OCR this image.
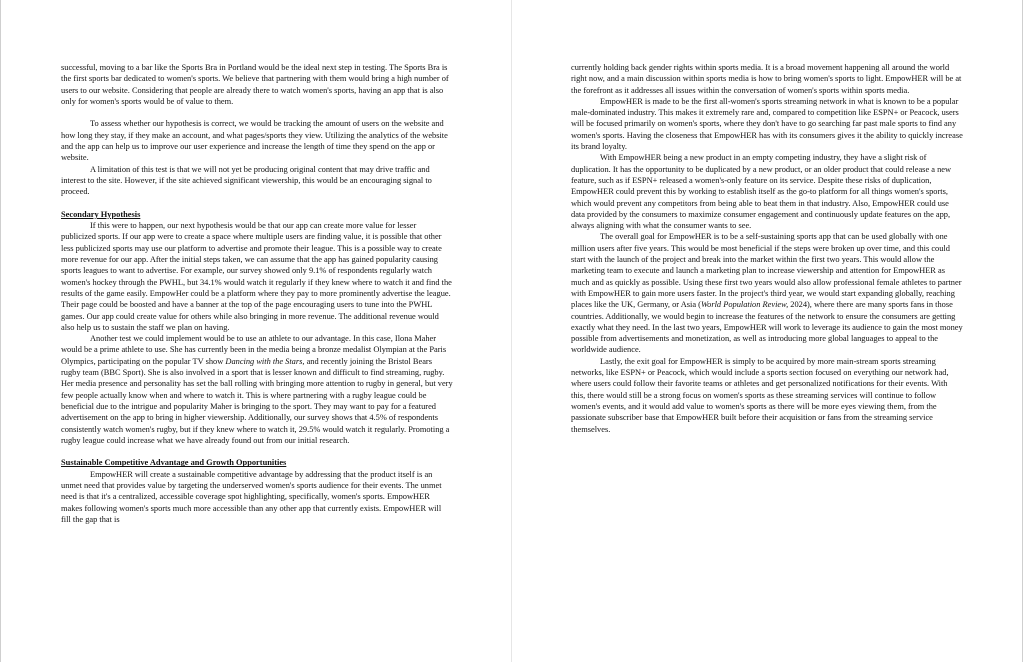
successful, moving to a bar like the Sports Bra in Portland would be the ideal next step in testing. The Sports Bra is the first sports bar dedicated to women's sports. We believe that partnering with them would bring a high number of users to our website. Considering that people are already there to watch women's sports, having an app that is also only for women's sports would be of value to them.

To assess whether our hypothesis is correct, we would be tracking the amount of users on the website and how long they stay, if they make an account, and what pages/sports they view. Utilizing the analytics of the website and the app can help us to improve our user experience and increase the length of time they spend on the app or website.

A limitation of this test is that we will not yet be producing original content that may drive traffic and interest to the site. However, if the site achieved significant viewership, this would be an encouraging signal to proceed.

Secondary Hypothesis

If this were to happen, our next hypothesis would be that our app can create more value for lesser publicized sports. If our app were to create a space where multiple users are finding value, it is possible that other less publicized sports may use our platform to advertise and promote their league. This is a possible way to create more revenue for our app. After the initial steps taken, we can assume that the app has gained popularity causing sports leagues to want to advertise. For example, our survey showed only 9.1% of respondents regularly watch women's hockey through the PWHL, but 34.1% would watch it regularly if they knew where to watch it and find the results of the game easily. EmpowHer could be a platform where they pay to more prominently advertise the league. Their page could be boosted and have a banner at the top of the page encouraging users to tune into the PWHL games. Our app could create value for others while also bringing in more revenue. The additional revenue would also help us to sustain the staff we plan on having.

Another test we could implement would be to use an athlete to our advantage. In this case, Ilona Maher would be a prime athlete to use. She has currently been in the media being a bronze medalist Olympian at the Paris Olympics, participating on the popular TV show Dancing with the Stars, and recently joining the Bristol Bears rugby team (BBC Sport). She is also involved in a sport that is lesser known and difficult to find streaming, rugby. Her media presence and personality has set the ball rolling with bringing more attention to rugby in general, but very few people actually know when and where to watch it. This is where partnering with a rugby league could be beneficial due to the intrigue and popularity Maher is bringing to the sport. They may want to pay for a featured advertisement on the app to bring in higher viewership. Additionally, our survey shows that 4.5% of respondents consistently watch women's rugby, but if they knew where to watch it, 29.5% would watch it regularly. Promoting a rugby league could increase what we have already found out from our initial research.

Sustainable Competitive Advantage and Growth Opportunities

EmpowHER will create a sustainable competitive advantage by addressing that the product itself is an unmet need that provides value by targeting the underserved women's sports audience for their events. The unmet need is that it's a centralized, accessible coverage spot highlighting, specifically, women's sports. EmpowHER makes following women's sports much more accessible than any other app that currently exists. EmpowHER will fill the gap that is

currently holding back gender rights within sports media. It is a broad movement happening all around the world right now, and a main discussion within sports media is how to bring women's sports to light. EmpowHER will be at the forefront as it addresses all issues within the conversation of women's sports within sports media.

EmpowHER is made to be the first all-women's sports streaming network in what is known to be a popular male-dominated industry. This makes it extremely rare and, compared to competition like ESPN+ or Peacock, users will be focused primarily on women's sports, where they don't have to go searching far past male sports to find any women's sports. Having the closeness that EmpowHER has with its consumers gives it the ability to quickly increase its brand loyalty.

With EmpowHER being a new product in an empty competing industry, they have a slight risk of duplication. It has the opportunity to be duplicated by a new product, or an older product that could release a new feature, such as if ESPN+ released a women's-only feature on its service. Despite these risks of duplication, EmpowHER could prevent this by working to establish itself as the go-to platform for all things women's sports, which would prevent any competitors from being able to beat them in that industry. Also, EmpowHER could use data provided by the consumers to maximize consumer engagement and continuously update features on the app, always aligning with what the consumer wants to see.

The overall goal for EmpowHER is to be a self-sustaining sports app that can be used globally with one million users after five years. This would be most beneficial if the steps were broken up over time, and this could start with the launch of the project and break into the market within the first two years. This would allow the marketing team to execute and launch a marketing plan to increase viewership and attention for EmpowHER as much and as quickly as possible. Using these first two years would also allow professional female athletes to partner with EmpowHER to gain more users faster. In the project's third year, we would start expanding globally, reaching places like the UK, Germany, or Asia (World Population Review, 2024), where there are many sports fans in those countries. Additionally, we would begin to increase the features of the network to ensure the consumers are getting exactly what they need. In the last two years, EmpowHER will work to leverage its audience to gain the most money possible from advertisements and monetization, as well as introducing more global languages to appeal to the worldwide audience.

Lastly, the exit goal for EmpowHER is simply to be acquired by more main-stream sports streaming networks, like ESPN+ or Peacock, which would include a sports section focused on everything our network had, where users could follow their favorite teams or athletes and get personalized notifications for their events. With this, there would still be a strong focus on women's sports as these streaming services will continue to follow women's events, and it would add value to women's sports as there will be more eyes viewing them, from the passionate subscriber base that EmpowHER built before their acquisition or fans from the streaming service themselves.
